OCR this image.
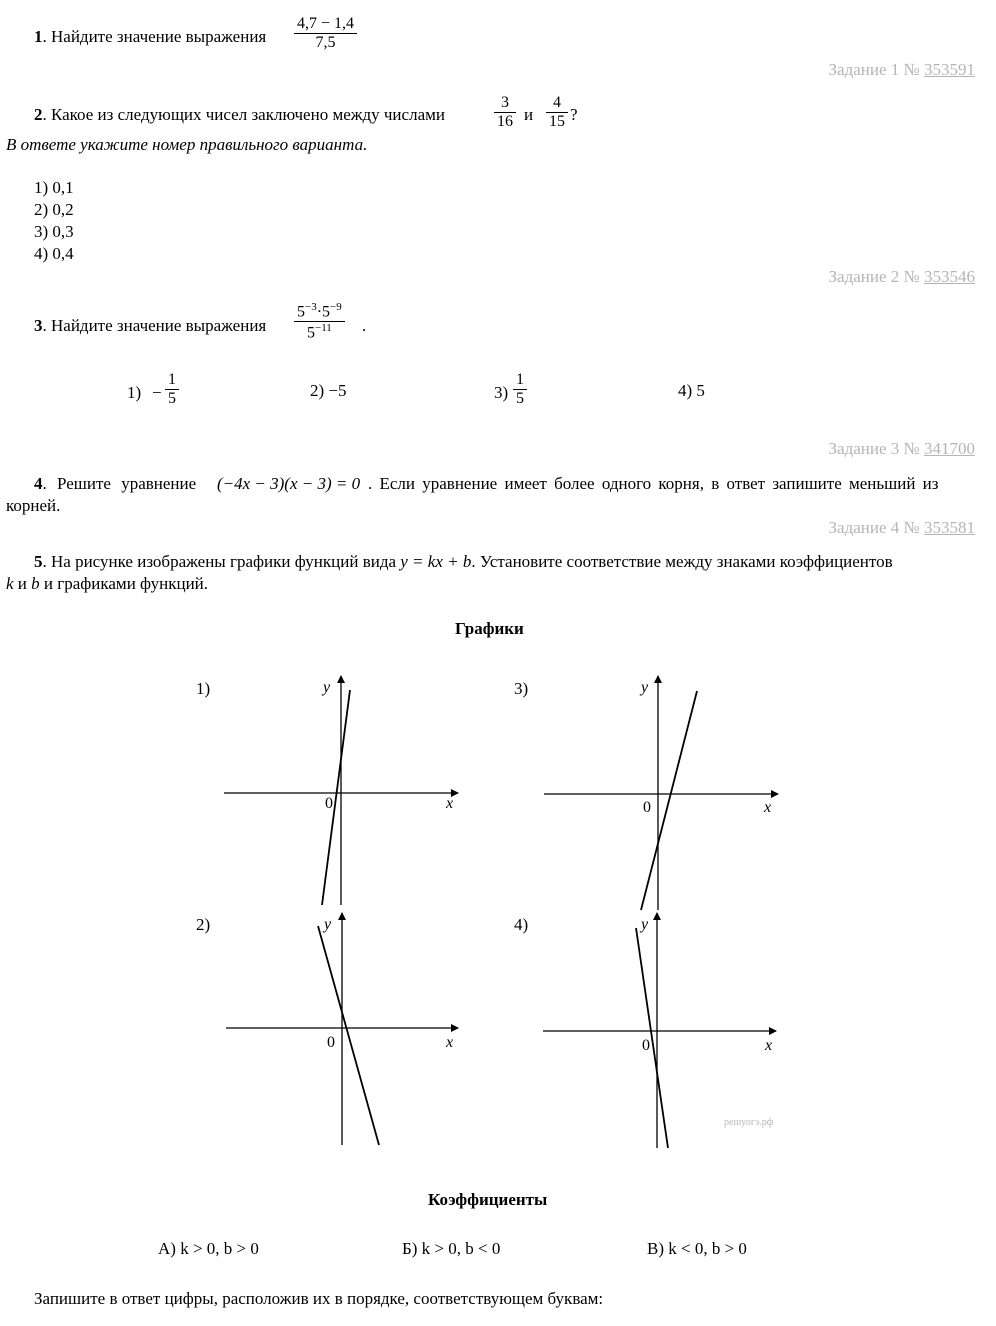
1. Найдите значение выражения
4,7 − 1,4
7,5
Задание 1 № 353591
2. Какое из следующих чисел заключено между числами
3
16 и
4
15 ?
В ответе укажите номер правильного варианта.
1) 0,1
2) 0,2
3) 0,3
4) 0,4
Задание 2 № 353546
3. Найдите значение выражения
$5^{-3}\cdot 5^{-9}$
$5^{-11}$	.
1) −
1
5	2) −5	3)
1
5	4) 5
Задание 3 № 341700
4. Решите уравнение (−4x − 3)(x − 3) = 0 . Если уравнение имеет более одного корня, в ответ запишите меньший из
корней.
Задание 4 № 353581
5. На рисунке изображены графики функций вида y = kx + b. Установите соответствие между знаками коэффициентов
k и b и графиками функций.
Графики
1)
x
y
0
3)
x
y
0
2)
x
y
0
4)
x
y
0
решуогэ.рф
Коэффициенты
А) k > 0, b > 0	Б) k > 0, b < 0	В) k < 0, b > 0
Запишите в ответ цифры, расположив их в порядке, соответствующем буквам:
